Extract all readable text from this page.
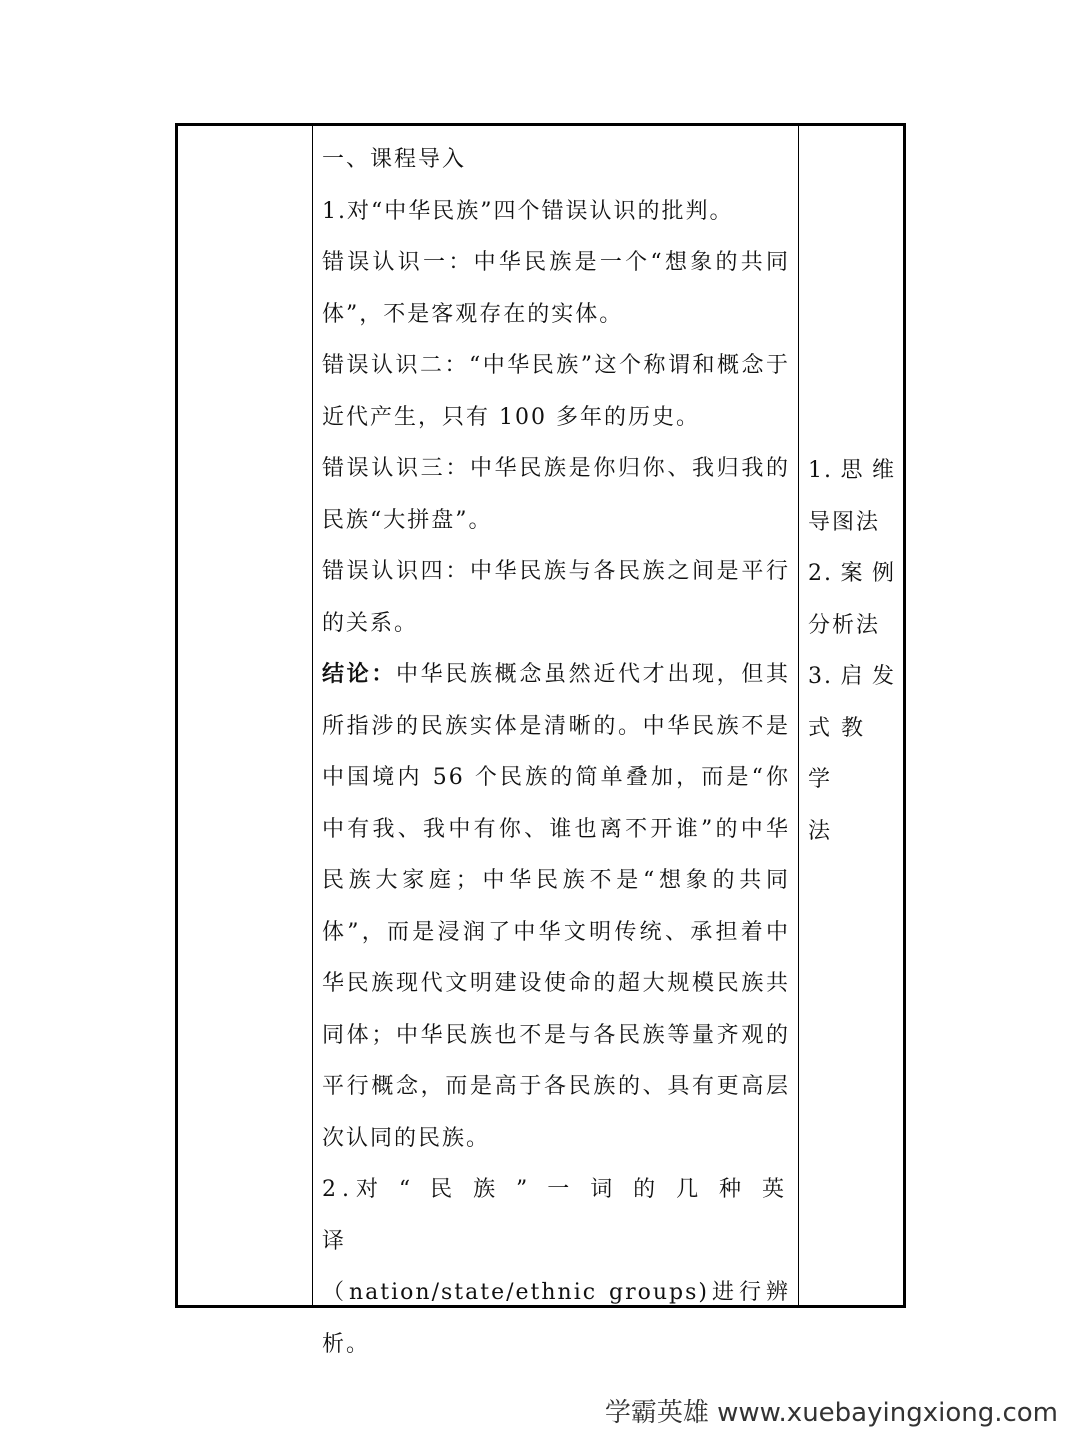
一、课程导入

1.对“中华民族”四个错误认识的批判。

错误认识一：中华民族是一个“想象的共同体”，不是客观存在的实体。

错误认识二：“中华民族”这个称谓和概念于近代产生，只有 100 多年的历史。

错误认识三：中华民族是你归你、我归我的民族“大拼盘”。

错误认识四：中华民族与各民族之间是平行的关系。

结论：中华民族概念虽然近代才出现，但其所指涉的民族实体是清晰的。中华民族不是中国境内 56 个民族的简单叠加，而是“你中有我、我中有你、谁也离不开谁”的中华民族大家庭；中华民族不是“想象的共同体”，而是浸润了中华文明传统、承担着中华民族现代文明建设使命的超大规模民族共同体；中华民族也不是与各民族等量齐观的平行概念，而是高于各民族的、具有更高层次认同的民族。

2.对 “ 民 族 ” 一 词 的 几 种 英 译

（nation/state/ethnic groups)进行辨析。

1. 思 维

导图法

2. 案 例

分析法

3. 启 发

式 教 学

法

学霸英雄 www.xuebayingxiong.com
